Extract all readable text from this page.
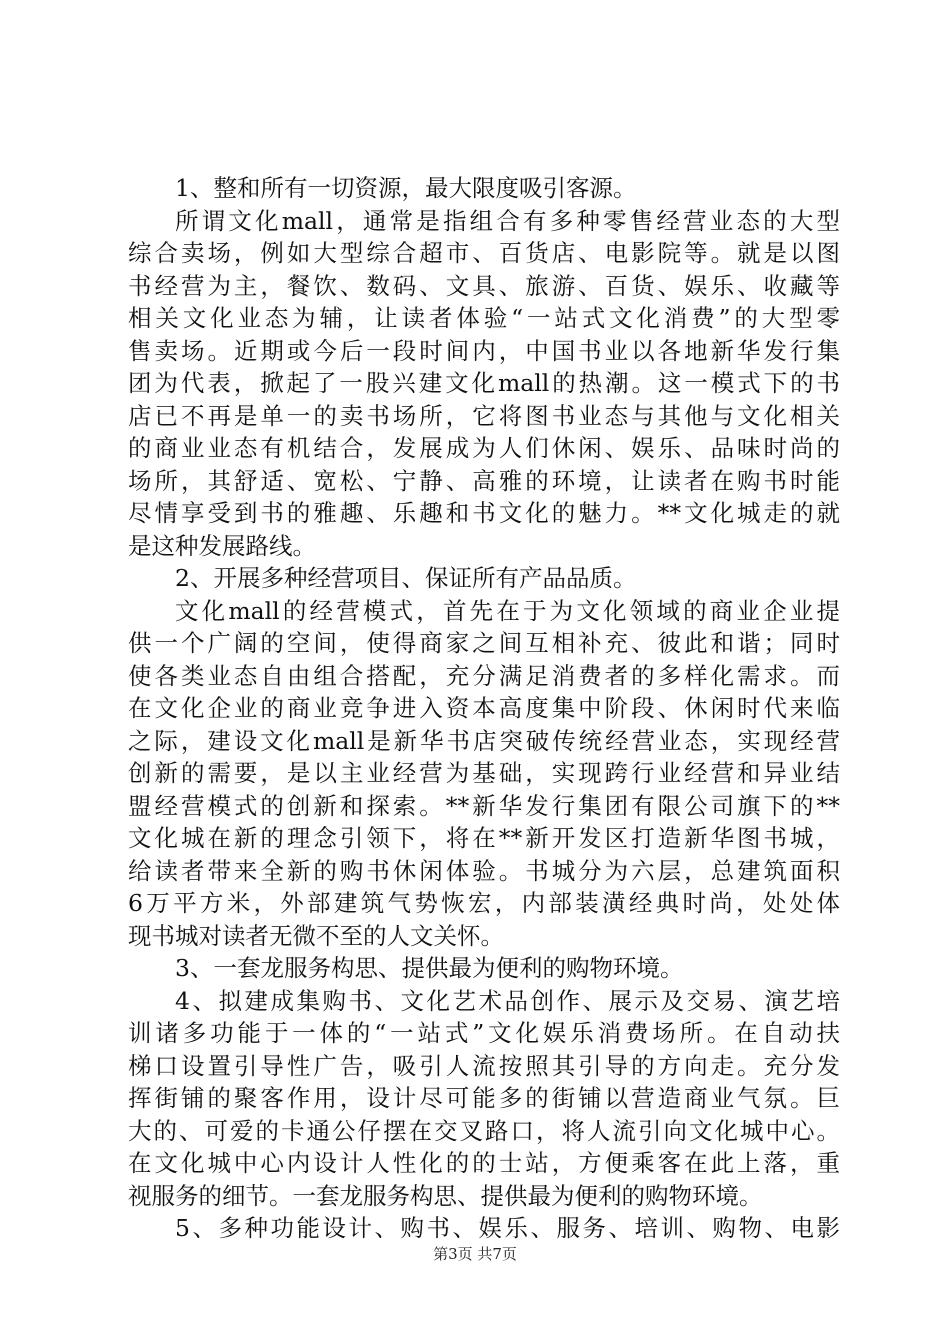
1、整和所有一切资源，最大限度吸引客源。
所谓文化mall，通常是指组合有多种零售经营业态的大型
综合卖场，例如大型综合超市、百货店、电影院等。就是以图
书经营为主，餐饮、数码、文具、旅游、百货、娱乐、收藏等
相关文化业态为辅，让读者体验“一站式文化消费”的大型零
售卖场。近期或今后一段时间内，中国书业以各地新华发行集
团为代表，掀起了一股兴建文化mall的热潮。这一模式下的书
店已不再是单一的卖书场所，它将图书业态与其他与文化相关
的商业业态有机结合，发展成为人们休闲、娱乐、品味时尚的
场所，其舒适、宽松、宁静、高雅的环境，让读者在购书时能
尽情享受到书的雅趣、乐趣和书文化的魅力。**文化城走的就
是这种发展路线。
2、开展多种经营项目、保证所有产品品质。
文化mall的经营模式，首先在于为文化领域的商业企业提
供一个广阔的空间，使得商家之间互相补充、彼此和谐；同时
使各类业态自由组合搭配，充分满足消费者的多样化需求。而
在文化企业的商业竞争进入资本高度集中阶段、休闲时代来临
之际，建设文化mall是新华书店突破传统经营业态，实现经营
创新的需要，是以主业经营为基础，实现跨行业经营和异业结
盟经营模式的创新和探索。**新华发行集团有限公司旗下的**
文化城在新的理念引领下，将在**新开发区打造新华图书城，
给读者带来全新的购书休闲体验。书城分为六层，总建筑面积
6万平方米，外部建筑气势恢宏，内部装潢经典时尚，处处体
现书城对读者无微不至的人文关怀。
3、一套龙服务构思、提供最为便利的购物环境。
4、拟建成集购书、文化艺术品创作、展示及交易、演艺培
训诸多功能于一体的“一站式”文化娱乐消费场所。在自动扶
梯口设置引导性广告，吸引人流按照其引导的方向走。充分发
挥街铺的聚客作用，设计尽可能多的街铺以营造商业气氛。巨
大的、可爱的卡通公仔摆在交叉路口，将人流引向文化城中心。
在文化城中心内设计人性化的的士站，方便乘客在此上落，重
视服务的细节。一套龙服务构思、提供最为便利的购物环境。
5、多种功能设计、购书、娱乐、服务、培训、购物、电影
第3页 共7页
